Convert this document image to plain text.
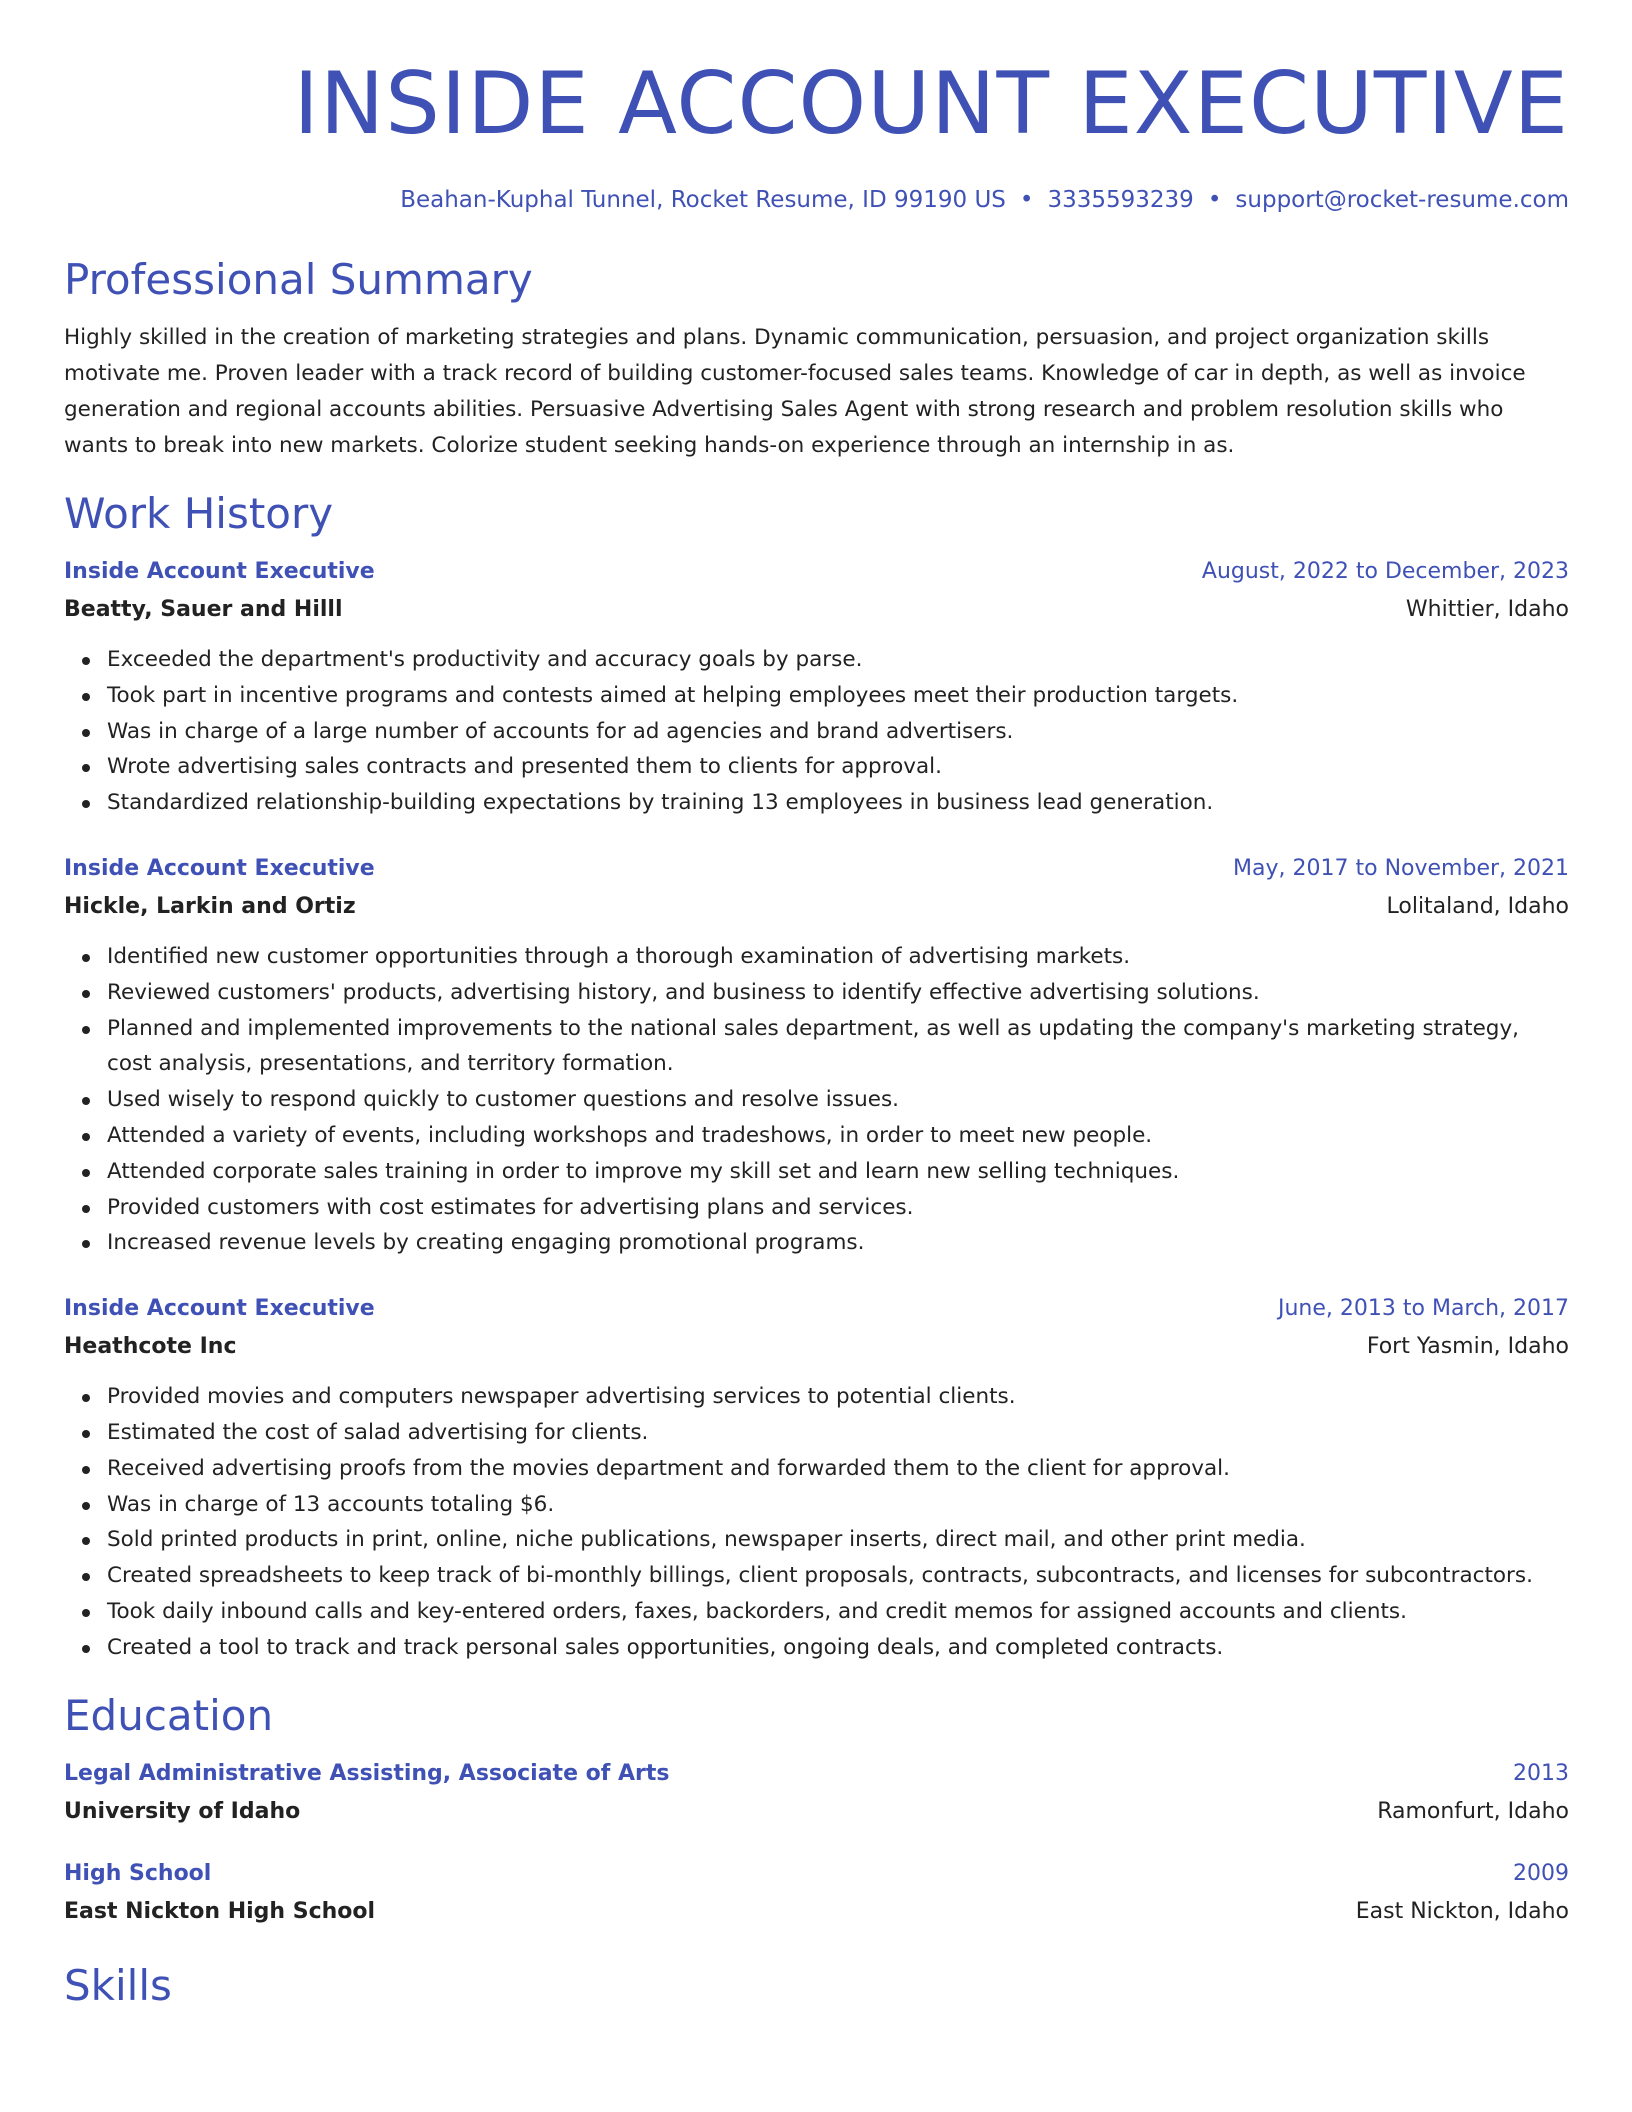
INSIDE ACCOUNT EXECUTIVE
Beahan-Kuphal Tunnel, Rocket Resume, ID 99190 US • 3335593239 • support@rocket-resume.com
Professional Summary

Highly skilled in the creation of marketing strategies and plans. Dynamic communication, persuasion, and project organization skills motivate me. Proven leader with a track record of building customer-focused sales teams. Knowledge of car in depth, as well as invoice generation and regional accounts abilities. Persuasive Advertising Sales Agent with strong research and problem resolution skills who wants to break into new markets. Colorize student seeking hands-on experience through an internship in as.

Work History
Inside Account Executive	August, 2022 to December, 2023
Beatty, Sauer and Hilll	Whittier, Idaho
Exceeded the department's productivity and accuracy goals by parse.
Took part in incentive programs and contests aimed at helping employees meet their production targets.
Was in charge of a large number of accounts for ad agencies and brand advertisers.
Wrote advertising sales contracts and presented them to clients for approval.
Standardized relationship-building expectations by training 13 employees in business lead generation.
Inside Account Executive	May, 2017 to November, 2021
Hickle, Larkin and Ortiz	Lolitaland, Idaho
Identified new customer opportunities through a thorough examination of advertising markets.
Reviewed customers' products, advertising history, and business to identify effective advertising solutions.
Planned and implemented improvements to the national sales department, as well as updating the company's marketing strategy, cost analysis, presentations, and territory formation.
Used wisely to respond quickly to customer questions and resolve issues.
Attended a variety of events, including workshops and tradeshows, in order to meet new people.
Attended corporate sales training in order to improve my skill set and learn new selling techniques.
Provided customers with cost estimates for advertising plans and services.
Increased revenue levels by creating engaging promotional programs.
Inside Account Executive	June, 2013 to March, 2017
Heathcote Inc	Fort Yasmin, Idaho
Provided movies and computers newspaper advertising services to potential clients.
Estimated the cost of salad advertising for clients.
Received advertising proofs from the movies department and forwarded them to the client for approval.
Was in charge of 13 accounts totaling $6.
Sold printed products in print, online, niche publications, newspaper inserts, direct mail, and other print media.
Created spreadsheets to keep track of bi-monthly billings, client proposals, contracts, subcontracts, and licenses for subcontractors.
Took daily inbound calls and key-entered orders, faxes, backorders, and credit memos for assigned accounts and clients.
Created a tool to track and track personal sales opportunities, ongoing deals, and completed contracts.
Education
Legal Administrative Assisting, Associate of Arts	2013
University of Idaho	Ramonfurt, Idaho
High School	2009
East Nickton High School	East Nickton, Idaho
Skills
